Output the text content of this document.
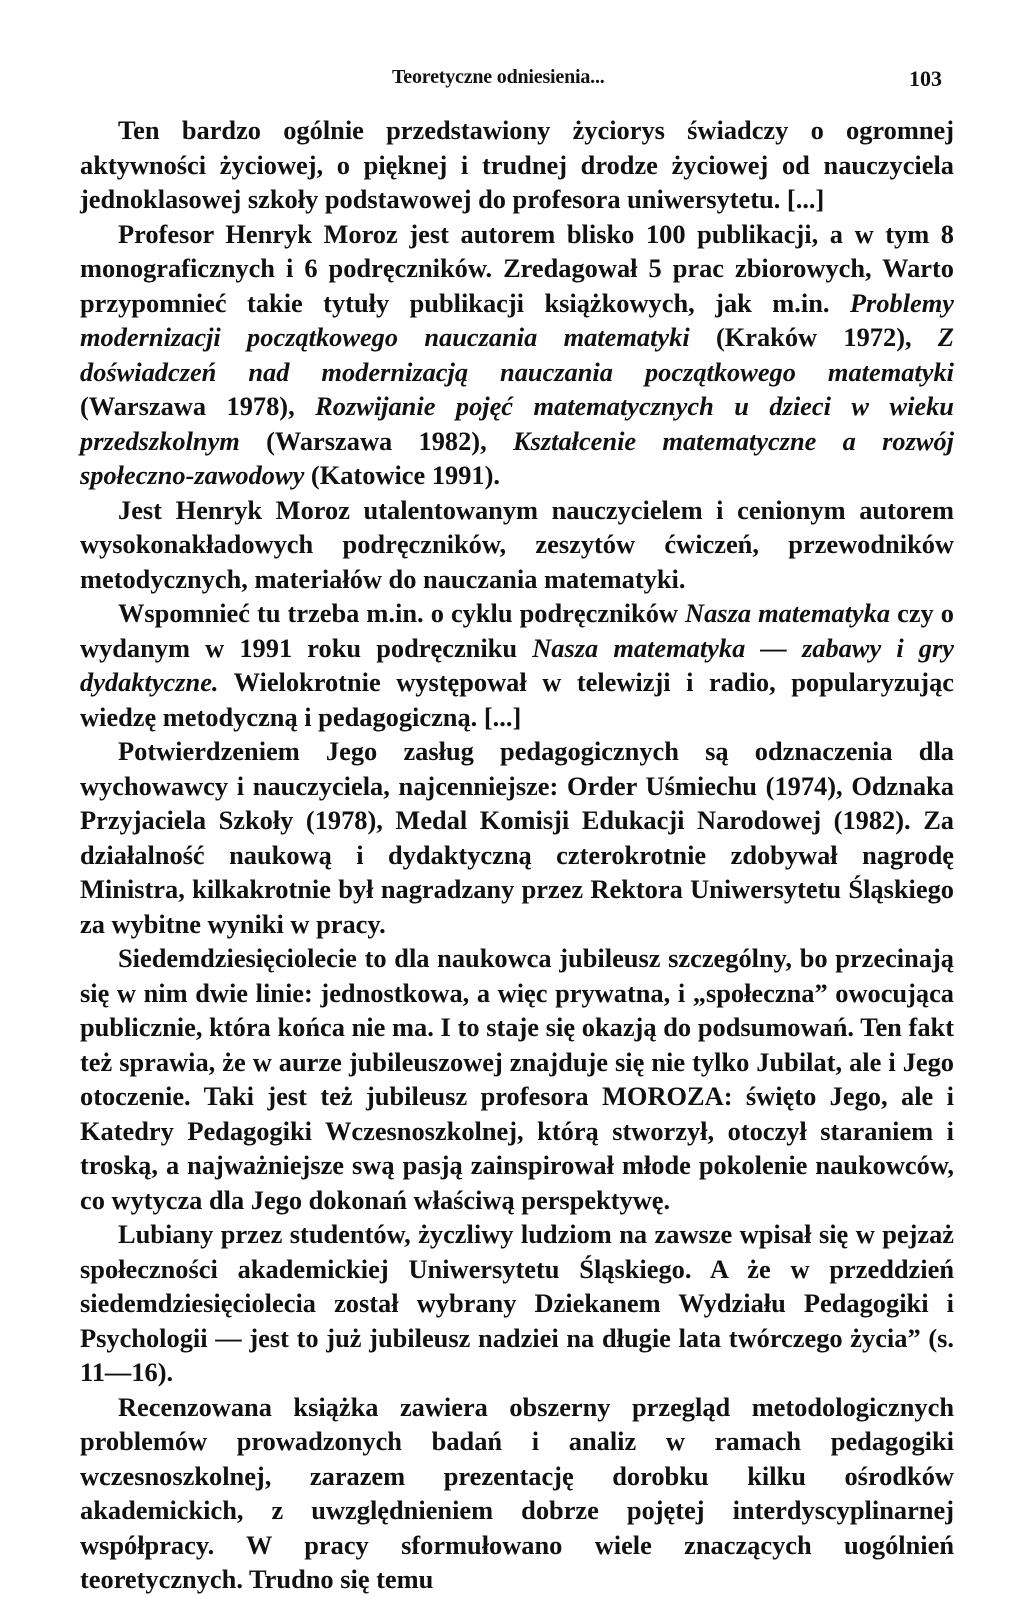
Teoretyczne odniesienia...	103

Ten bardzo ogólnie przedstawiony życiorys świadczy o ogromnej aktywności życiowej, o pięknej i trudnej drodze życiowej od nauczyciela jednoklasowej szkoły podstawowej do profesora uniwersytetu. [...]

Profesor Henryk Moroz jest autorem blisko 100 publikacji, a w tym 8 monograficznych i 6 podręczników. Zredagował 5 prac zbiorowych, Warto przypomnieć takie tytuły publikacji książkowych, jak m.in. Problemy modernizacji początkowego nauczania matematyki (Kraków 1972), Z doświadczeń nad modernizacją nauczania początkowego matematyki (Warszawa 1978), Rozwijanie pojęć matematycznych u dzieci w wieku przedszkolnym (Warszawa 1982), Kształcenie matematyczne a rozwój społeczno-zawodowy (Katowice 1991).

Jest Henryk Moroz utalentowanym nauczycielem i cenionym autorem wysokonakładowych podręczników, zeszytów ćwiczeń, przewodników metodycznych, materiałów do nauczania matematyki.

Wspomnieć tu trzeba m.in. o cyklu podręczników Nasza matematyka czy o wydanym w 1991 roku podręczniku Nasza matematyka — zabawy i gry dydaktyczne. Wielokrotnie występował w telewizji i radio, popularyzując wiedzę metodyczną i pedagogiczną. [...]

Potwierdzeniem Jego zasług pedagogicznych są odznaczenia dla wychowawcy i nauczyciela, najcenniejsze: Order Uśmiechu (1974), Odznaka Przyjaciela Szkoły (1978), Medal Komisji Edukacji Narodowej (1982). Za działalność naukową i dydaktyczną czterokrotnie zdobywał nagrodę Ministra, kilkakrotnie był nagradzany przez Rektora Uniwersytetu Śląskiego za wybitne wyniki w pracy.

Siedemdziesięciolecie to dla naukowca jubileusz szczególny, bo przecinają się w nim dwie linie: jednostkowa, a więc prywatna, i „społeczna” owocująca publicznie, która końca nie ma. I to staje się okazją do podsumowań. Ten fakt też sprawia, że w aurze jubileuszowej znajduje się nie tylko Jubilat, ale i Jego otoczenie. Taki jest też jubileusz profesora MOROZA: święto Jego, ale i Katedry Pedagogiki Wczesnoszkolnej, którą stworzył, otoczył staraniem i troską, a najważniejsze swą pasją zainspirował młode pokolenie naukowców, co wytycza dla Jego dokonań właściwą perspektywę.

Lubiany przez studentów, życzliwy ludziom na zawsze wpisał się w pejzaż społeczności akademickiej Uniwersytetu Śląskiego. A że w przeddzień siedemdziesięciolecia został wybrany Dziekanem Wydziału Pedagogiki i Psychologii — jest to już jubileusz nadziei na długie lata twórczego życia” (s. 11—16).

Recenzowana książka zawiera obszerny przegląd metodologicznych problemów prowadzonych badań i analiz w ramach pedagogiki wczesnoszkolnej, zarazem prezentację dorobku kilku ośrodków akademickich, z uwzględnieniem dobrze pojętej interdyscyplinarnej współpracy. W pracy sformułowano wiele znaczących uogólnień teoretycznych. Trudno się temu
